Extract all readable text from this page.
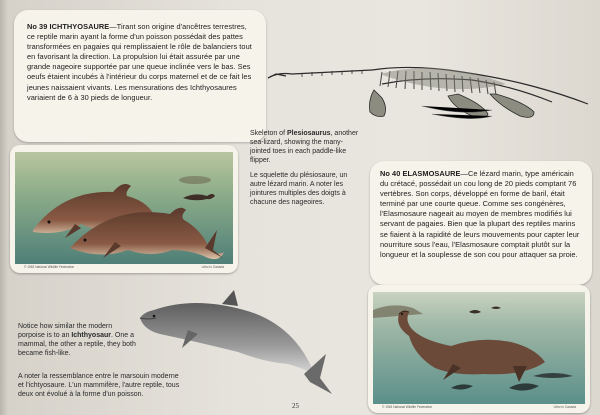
No 39 ICHTHYOSAURE—Tirant son origine d'ancêtres terrestres, ce reptile marin ayant la forme d'un poisson possédait des pattes transformées en pagaies qui remplissaient le rôle de balanciers tout en favorisant la direction. La propulsion lui était assurée par une grande nageoire supportée par une queue inclinée vers le bas. Ses oeufs étaient incubés à l'intérieur du corps maternel et de ce fait les jeunes naissaient vivants. Les mensurations des Ichthyosaures variaient de 6 à 30 pieds de longueur.
© 1963 National Wildlife Federation	Litho in Canada
Skeleton of Plesiosaurus, another sea-lizard, showing the many-jointed toes in each paddle-like flipper.
Le squelette du plésiosaure, un autre lézard marin. A noter les jointures multiples des doigts à chacune des nageoires.
No 40 ELASMOSAURE—Ce lézard marin, type américain du crétacé, possédait un cou long de 20 pieds comptant 76 vertèbres. Son corps, développé en forme de baril, était terminé par une courte queue. Comme ses congénères, l'Elasmosaure nageait au moyen de membres modifiés lui servant de pagaies. Bien que la plupart des reptiles marins se fiaient à la rapidité de leurs mouvements pour capter leur nourriture sous l'eau, l'Elasmosaure comptait plutôt sur la longueur et la souplesse de son cou pour attaquer sa proie.
Notice how similar the modern porpoise is to an Ichthyosaur. One a mammal, the other a reptile, they both became fish-like.
A noter la ressemblance entre le marsouin moderne et l'ichtyosaure. L'un mammifère, l'autre reptile, tous deux ont évolué à la forme d'un poisson.
© 1963 National Wildlife Federation	Litho in Canada
25
